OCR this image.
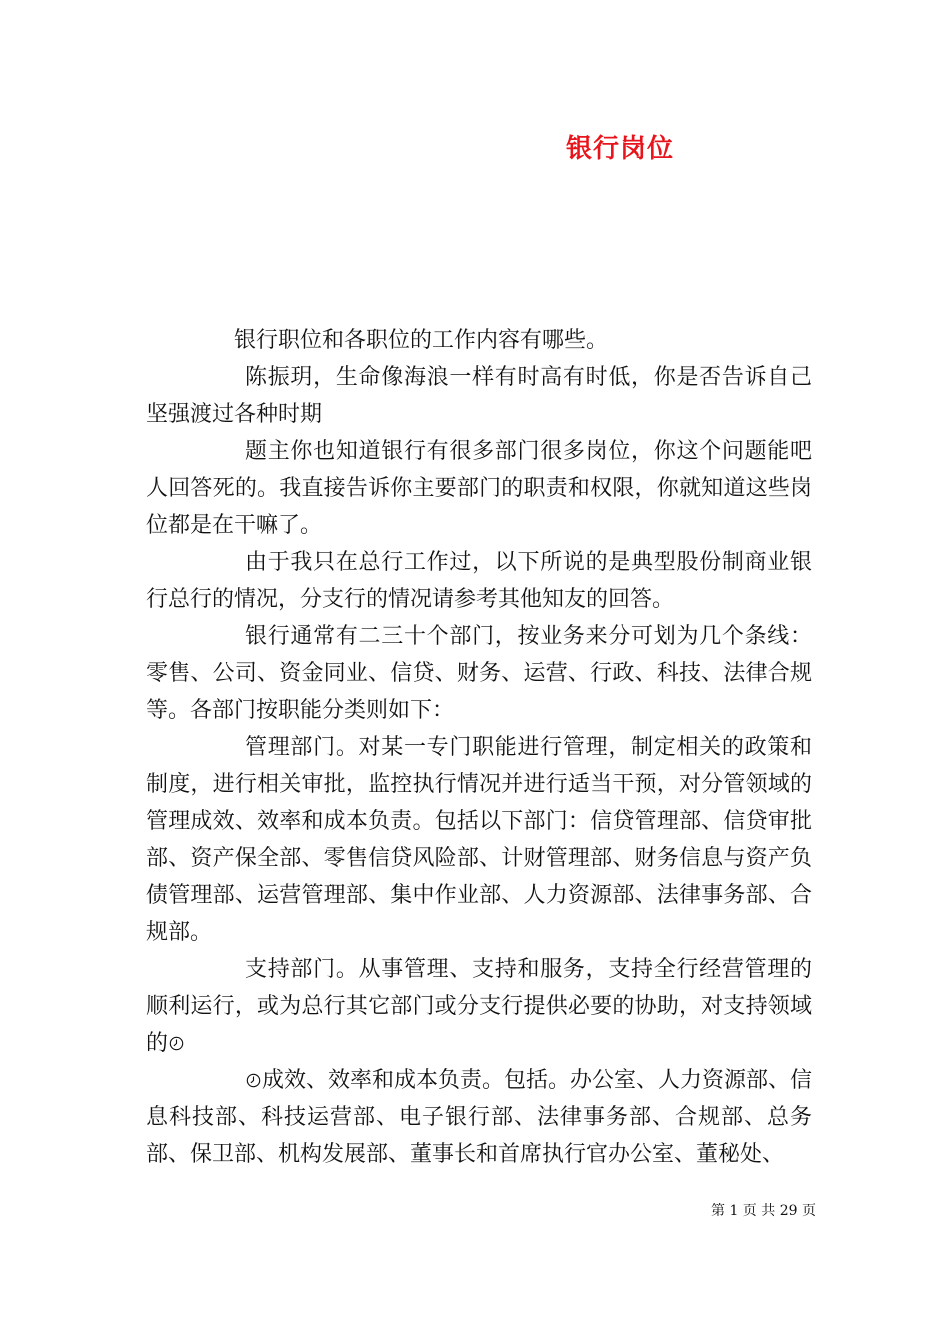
银行岗位

银行职位和各职位的工作内容有哪些。

陈振玥，生命像海浪一样有时高有时低，你是否告诉自己坚强渡过各种时期

题主你也知道银行有很多部门很多岗位，你这个问题能吧人回答死的。我直接告诉你主要部门的职责和权限，你就知道这些岗位都是在干嘛了。

由于我只在总行工作过，以下所说的是典型股份制商业银行总行的情况，分支行的情况请参考其他知友的回答。

银行通常有二三十个部门，按业务来分可划为几个条线：零售、公司、资金同业、信贷、财务、运营、行政、科技、法律合规等。各部门按职能分类则如下：

管理部门。对某一专门职能进行管理，制定相关的政策和制度，进行相关审批，监控执行情况并进行适当干预，对分管领域的管理成效、效率和成本负责。包括以下部门：信贷管理部、信贷审批部、资产保全部、零售信贷风险部、计财管理部、财务信息与资产负债管理部、运营管理部、集中作业部、人力资源部、法律事务部、合规部。

支持部门。从事管理、支持和服务，支持全行经营管理的顺利运行，或为总行其它部门或分支行提供必要的协助，对支持领域的

成效、效率和成本负责。包括。办公室、人力资源部、信息科技部、科技运营部、电子银行部、法律事务部、合规部、总务部、保卫部、机构发展部、董事长和首席执行官办公室、董秘处、

第 1 页 共 29 页
